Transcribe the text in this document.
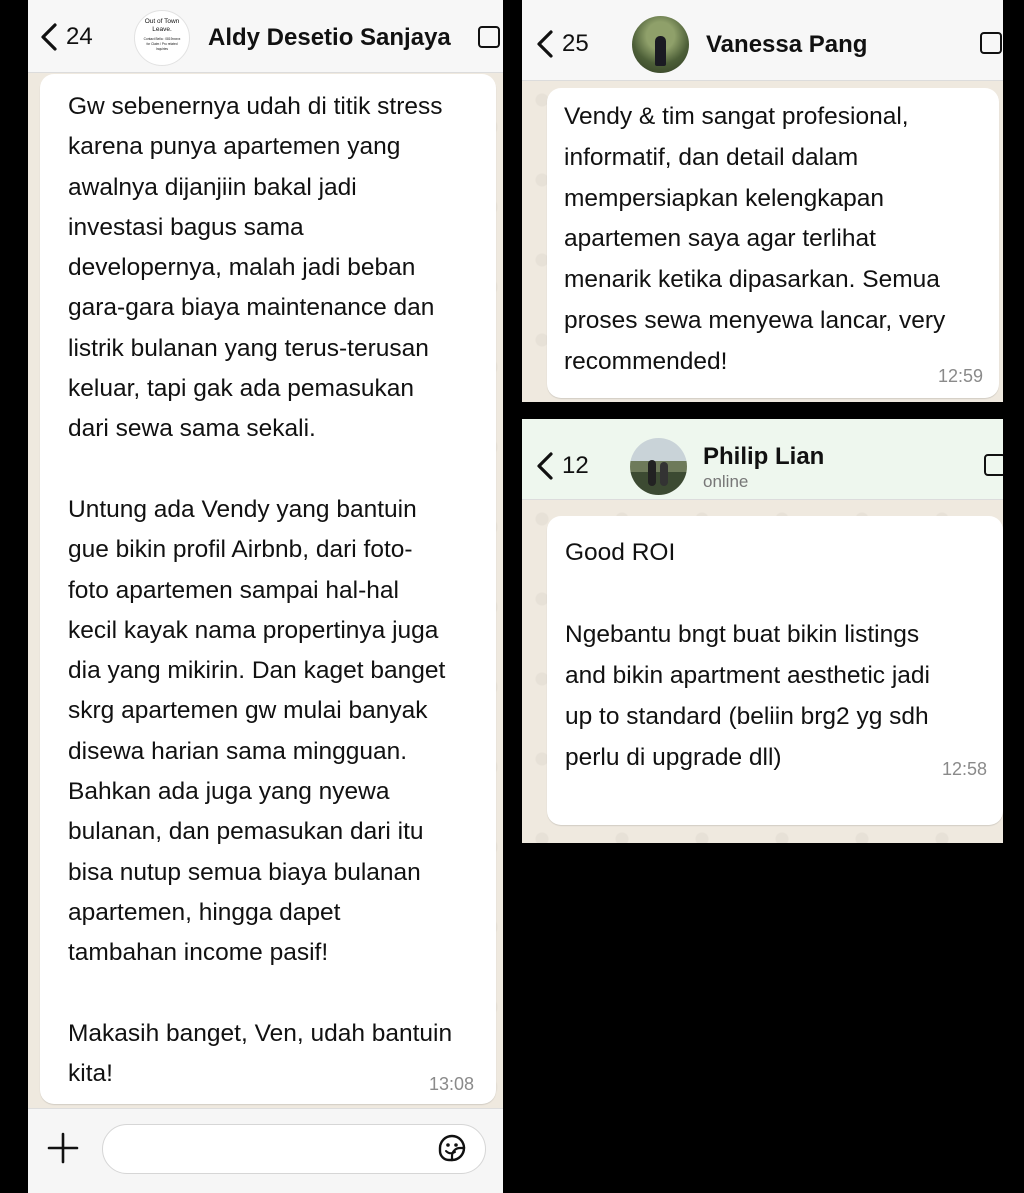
24
Out of Town
Leave.
Contact Bella : 0819xxxxx
for Claim / Pru related
Inquiries	Aldy Desetio Sanjaya
Gw sebenernya udah di titik stress
karena punya apartemen yang
awalnya dijanjiin bakal jadi
investasi bagus sama
developernya, malah jadi beban
gara-gara biaya maintenance dan
listrik bulanan yang terus-terusan
keluar, tapi gak ada pemasukan
dari sewa sama sekali.

Untung ada Vendy yang bantuin
gue bikin profil Airbnb, dari foto-
foto apartemen sampai hal-hal
kecil kayak nama propertinya juga
dia yang mikirin. Dan kaget banget
skrg apartemen gw mulai banyak
disewa harian sama mingguan.
Bahkan ada juga yang nyewa
bulanan, dan pemasukan dari itu
bisa nutup semua biaya bulanan
apartemen, hingga dapet
tambahan income pasif!

Makasih banget, Ven, udah bantuin
kita!	13:08
25	Vanessa Pang
Vendy & tim sangat profesional,
informatif, dan detail dalam
mempersiapkan kelengkapan
apartemen saya agar terlihat
menarik ketika dipasarkan. Semua
proses sewa menyewa lancar, very
recommended!
12:59
12	Philip Lian
online
Good ROI

Ngebantu bngt buat bikin listings
and bikin apartment aesthetic jadi
up to standard (beliin brg2 yg sdh
perlu di upgrade dll)	12:58
